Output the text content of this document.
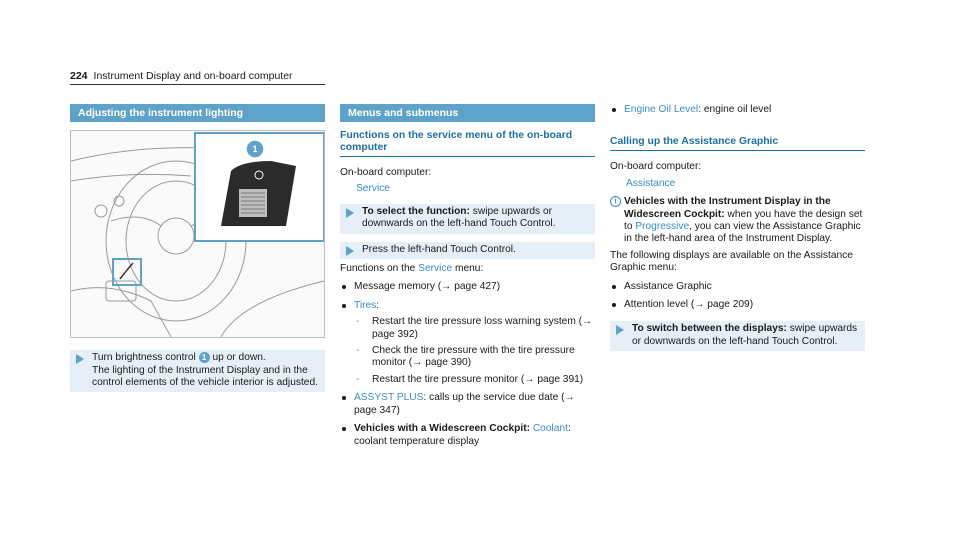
224 Instrument Display and on-board computer
Adjusting the instrument lighting
1
Turn brightness control 1 up or down.
The lighting of the Instrument Display and in the control elements of the vehicle interior is adjusted.
Menus and submenus
Functions on the service menu of the on-board computer
On-board computer:
Service
To select the function: swipe upwards or downwards on the left-hand Touch Control.
Press the left-hand Touch Control.
Functions on the Service menu:
Message memory (→ page 427)
Tires:
- Restart the tire pressure loss warning system (→ page 392)
- Check the tire pressure with the tire pressure monitor (→ page 390)
- Restart the tire pressure monitor (→ page 391)
ASSYST PLUS: calls up the service due date (→ page 347)
Vehicles with a Widescreen Cockpit: Coolant: coolant temperature display
Engine Oil Level: engine oil level
Calling up the Assistance Graphic
On-board computer:
Assistance
i Vehicles with the Instrument Display in the Widescreen Cockpit: when you have the design set to Progressive, you can view the Assistance Graphic in the left-hand area of the Instrument Display.
The following displays are available on the Assistance Graphic menu:
Assistance Graphic
Attention level (→ page 209)
To switch between the displays: swipe upwards or downwards on the left-hand Touch Control.
